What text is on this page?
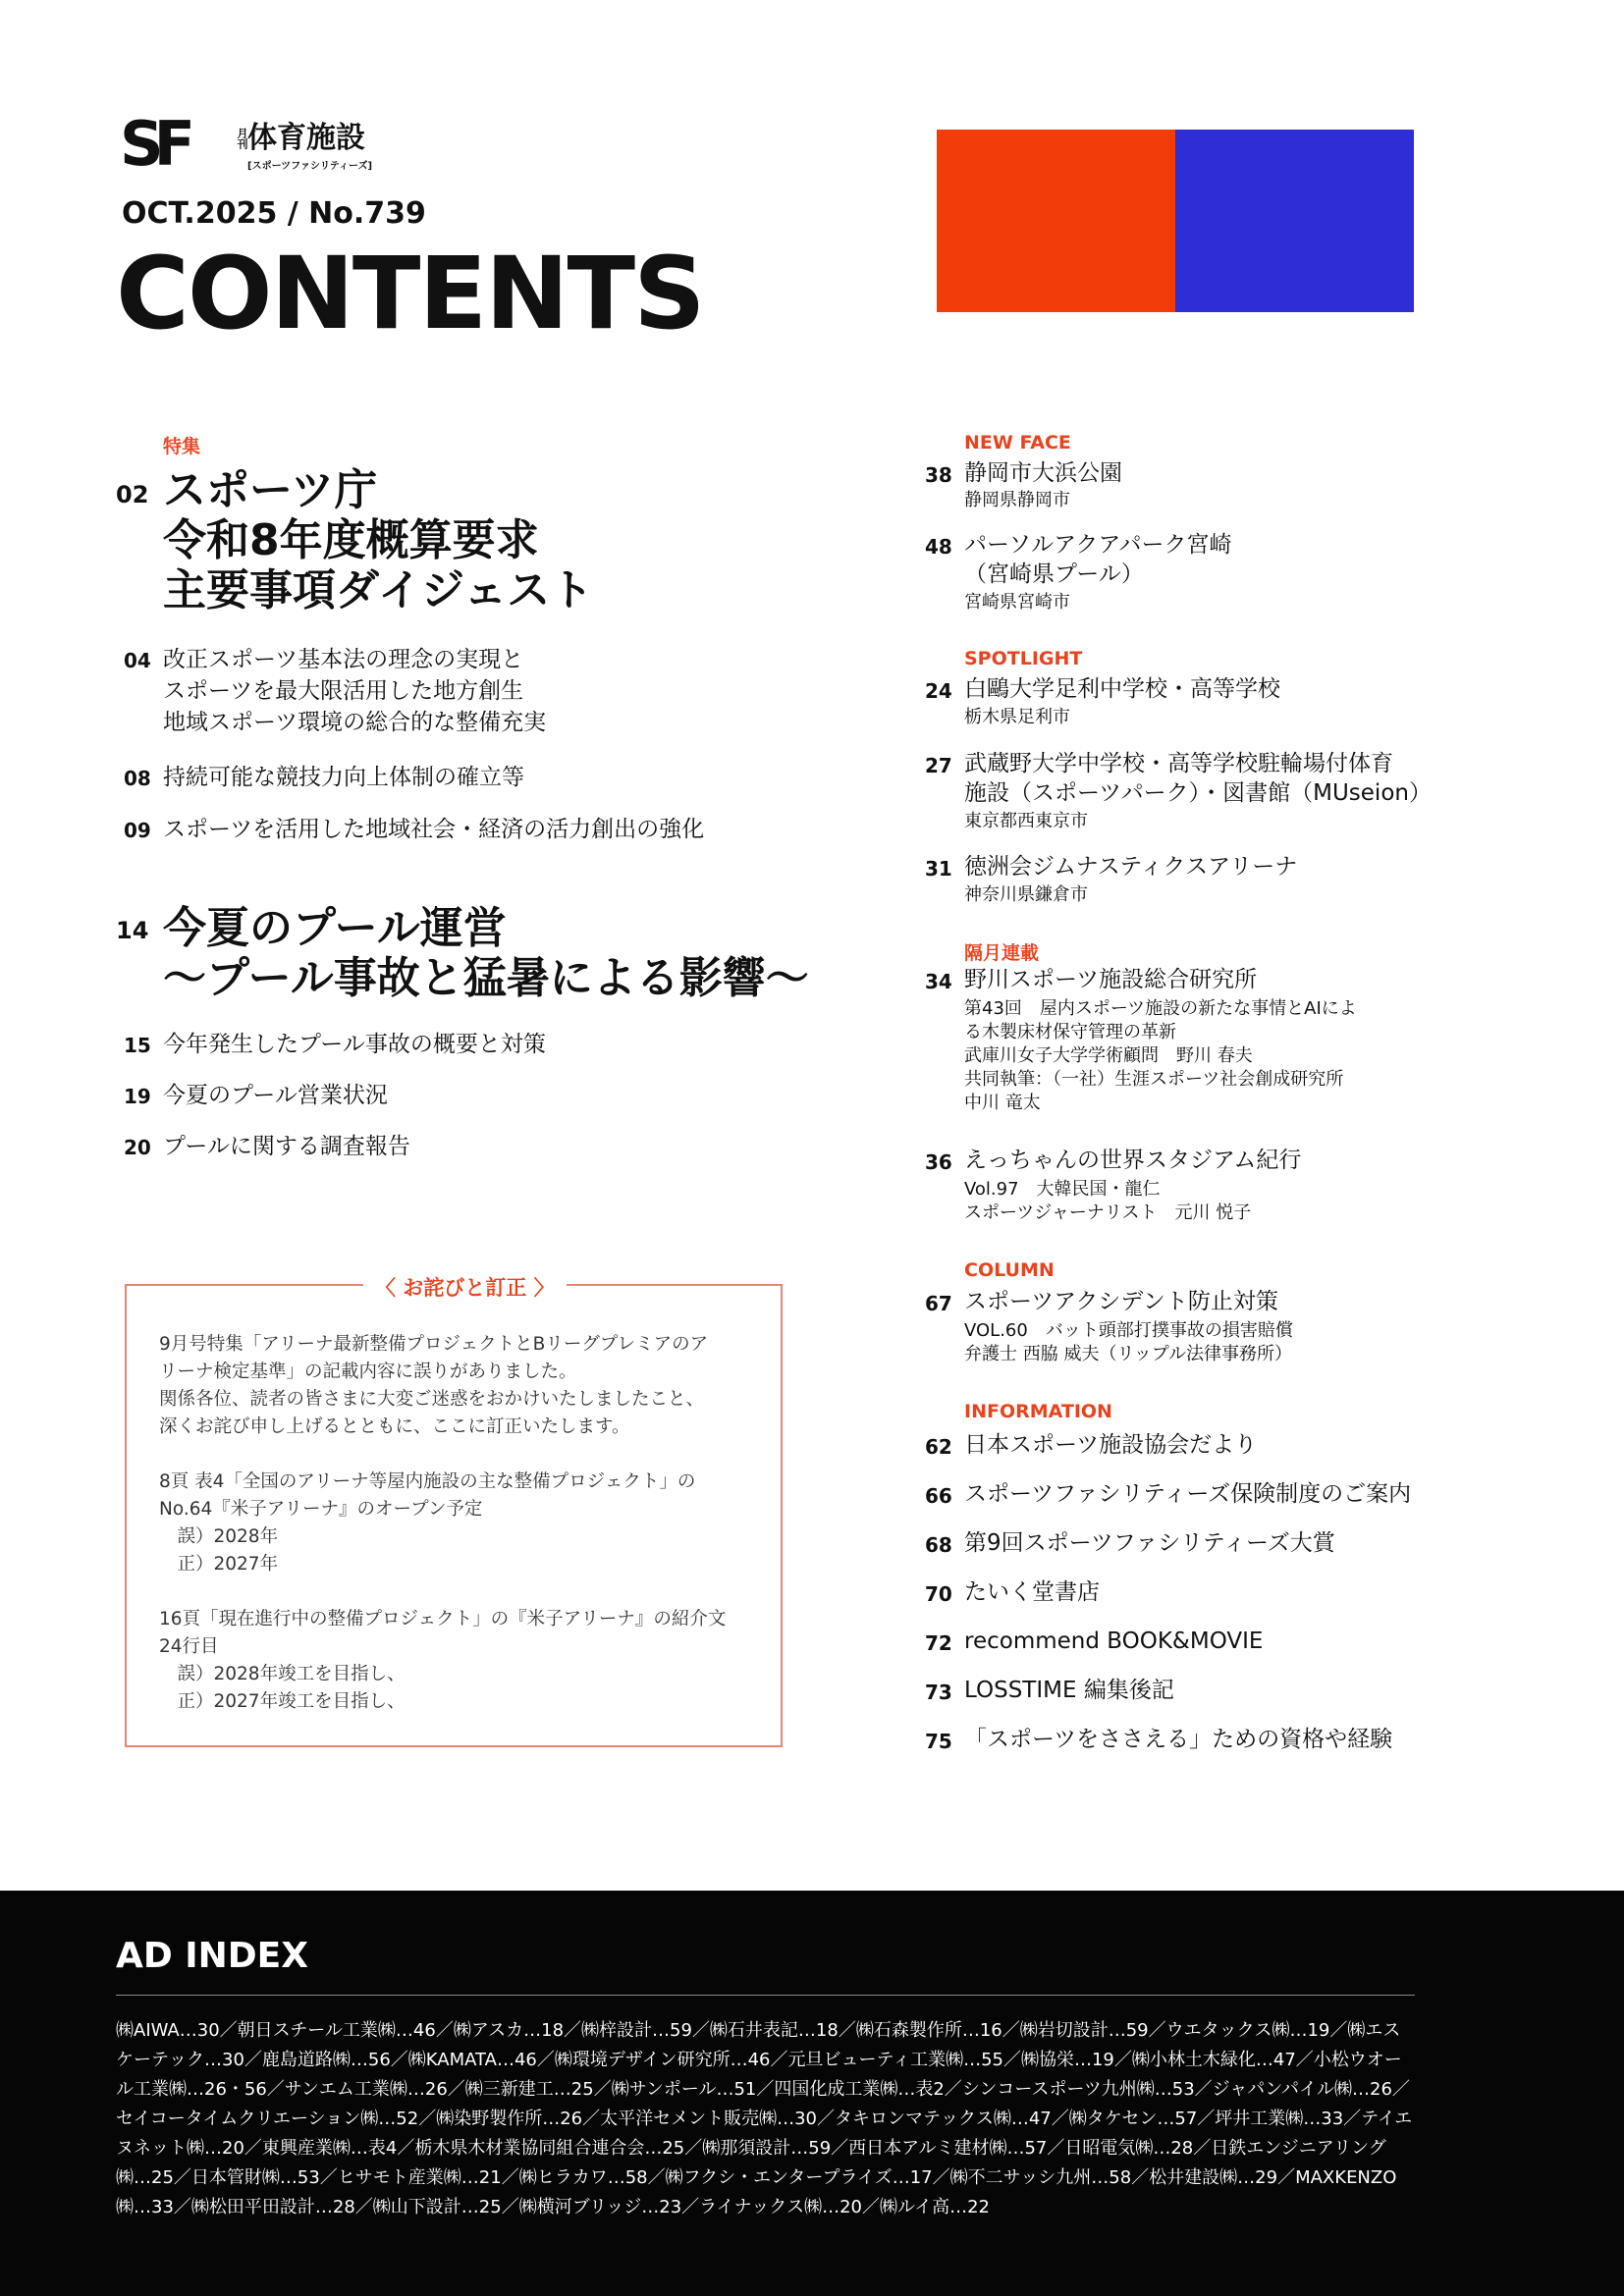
SF	月刊 体育施設
[スポーツファシリティーズ]
OCT.2025 / No.739
CONTENTS
特集
02 スポーツ庁
令和8年度概算要求
主要事項ダイジェスト
04 改正スポーツ基本法の理念の実現と
スポーツを最大限活用した地方創生
地域スポーツ環境の総合的な整備充実
08 持続可能な競技力向上体制の確立等
09 スポーツを活用した地域社会・経済の活力創出の強化
14 今夏のプール運営
～プール事故と猛暑による影響～
15 今年発生したプール事故の概要と対策
19 今夏のプール営業状況
20 プールに関する調査報告
〈 お詫びと訂正 〉
9月号特集「アリーナ最新整備プロジェクトとBリーグプレミアのア
リーナ検定基準」の記載内容に誤りがありました。
関係各位、読者の皆さまに大変ご迷惑をおかけいたしましたこと、
深くお詫び申し上げるとともに、ここに訂正いたします。
8頁 表4「全国のアリーナ等屋内施設の主な整備プロジェクト」の
No.64『米子アリーナ』のオープン予定
　誤）2028年
　正）2027年
16頁「現在進行中の整備プロジェクト」の『米子アリーナ』の紹介文
24行目
　誤）2028年竣工を目指し、
　正）2027年竣工を目指し、
NEW FACE
38 静岡市大浜公園
静岡県静岡市
48 パーソルアクアパーク宮崎
（宮崎県プール）
宮崎県宮崎市
SPOTLIGHT
24 白鷗大学足利中学校・高等学校
栃木県足利市
27 武蔵野大学中学校・高等学校駐輪場付体育
施設（スポーツパーク）・図書館（MUseion）
東京都西東京市
31 徳洲会ジムナスティクスアリーナ
神奈川県鎌倉市
隔月連載
34 野川スポーツ施設総合研究所
第43回　屋内スポーツ施設の新たな事情とAIによ
る木製床材保守管理の革新
武庫川女子大学学術顧問　野川 春夫
共同執筆：（一社）生涯スポーツ社会創成研究所
中川 竜太
36 えっちゃんの世界スタジアム紀行
Vol.97　大韓民国・龍仁
スポーツジャーナリスト　元川 悦子
COLUMN
67 スポーツアクシデント防止対策
VOL.60　バット頭部打撲事故の損害賠償
弁護士 西脇 威夫（リップル法律事務所）
INFORMATION
62 日本スポーツ施設協会だより
66 スポーツファシリティーズ保険制度のご案内
68 第9回スポーツファシリティーズ大賞
70 たいく堂書店
72 recommend BOOK&MOVIE
73 LOSSTIME 編集後記
75 「スポーツをささえる」ための資格や経験
AD INDEX
㈱AIWA…30／朝日スチール工業㈱…46／㈱アスカ…18／㈱梓設計…59／㈱石井表記…18／㈱石森製作所…16／㈱岩切設計…59／ウエタックス㈱…19／㈱エスケーテック…30／鹿島道路㈱…56／㈱KAMATA…46／㈱環境デザイン研究所…46／元旦ビューティ工業㈱…55／㈱協栄…19／㈱小林土木緑化…47／小松ウオール工業㈱…26・56／サンエム工業㈱…26／㈱三新建工…25／㈱サンポール…51／四国化成工業㈱…表2／シンコースポーツ九州㈱…53／ジャパンパイル㈱…26／セイコータイムクリエーション㈱…52／㈱染野製作所…26／太平洋セメント販売㈱…30／タキロンマテックス㈱…47／㈱タケセン…57／坪井工業㈱…33／テイエヌネット㈱…20／東興産業㈱…表4／栃木県木材業協同組合連合会…25／㈱那須設計…59／西日本アルミ建材㈱…57／日昭電気㈱…28／日鉄エンジニアリング㈱…25／日本管財㈱…53／ヒサモト産業㈱…21／㈱ヒラカワ…58／㈱フクシ・エンタープライズ…17／㈱不二サッシ九州…58／松井建設㈱…29／MAXKENZO㈱…33／㈱松田平田設計…28／㈱山下設計…25／㈱横河ブリッジ…23／ライナックス㈱…20／㈱ルイ高…22
